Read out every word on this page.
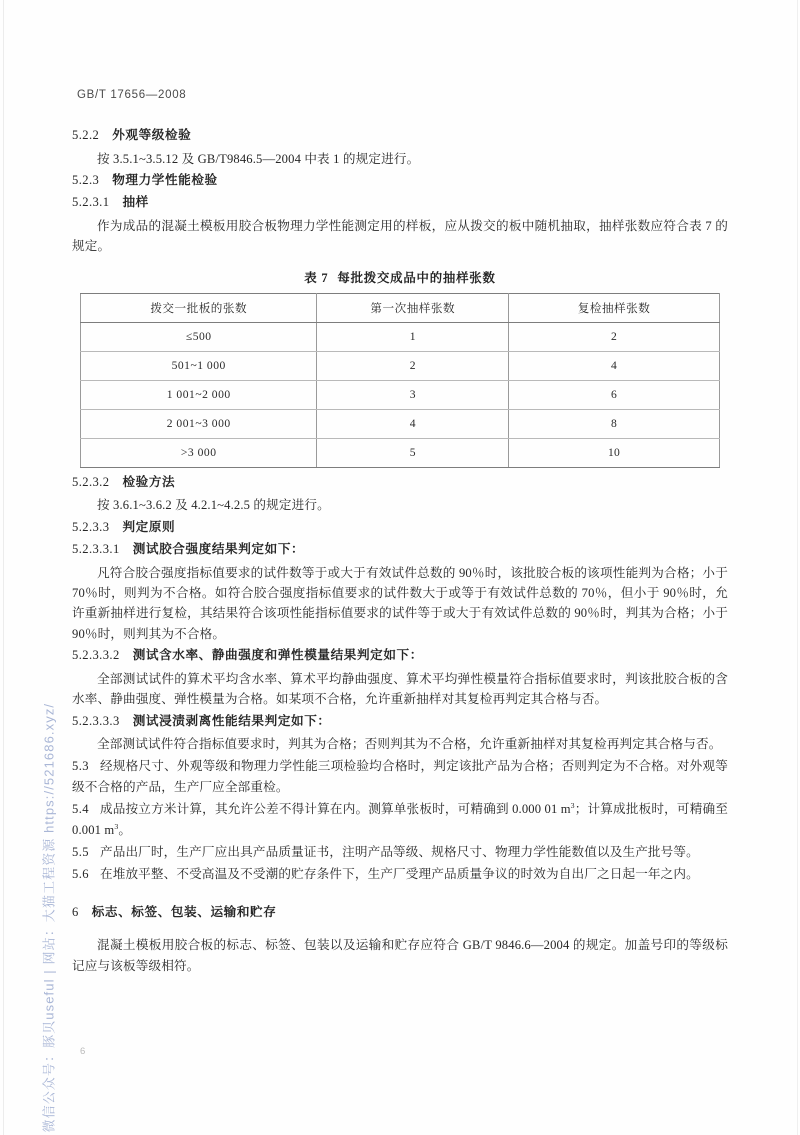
GB/T 17656—2008
5.2.2 外观等级检验

按 3.5.1~3.5.12 及 GB/T9846.5—2004 中表 1 的规定进行。

5.2.3 物理力学性能检验
5.2.3.1 抽样

作为成品的混凝土模板用胶合板物理力学性能测定用的样板，应从拨交的板中随机抽取，抽样张数应符合表 7 的规定。

表 7 每批拨交成品中的抽样张数
拨交一批板的张数	第一次抽样张数	复检抽样张数
≤500	1	2
501~1 000	2	4
1 001~2 000	3	6
2 001~3 000	4	8
>3 000	5	10
5.2.3.2 检验方法

按 3.6.1~3.6.2 及 4.2.1~4.2.5 的规定进行。

5.2.3.3 判定原则
5.2.3.3.1 测试胶合强度结果判定如下：

凡符合胶合强度指标值要求的试件数等于或大于有效试件总数的 90％时，该批胶合板的该项性能判为合格；小于 70％时，则判为不合格。如符合胶合强度指标值要求的试件数大于或等于有效试件总数的 70％，但小于 90％时，允许重新抽样进行复检，其结果符合该项性能指标值要求的试件等于或大于有效试件总数的 90％时，判其为合格；小于 90％时，则判其为不合格。

5.2.3.3.2 测试含水率、静曲强度和弹性模量结果判定如下：

全部测试试件的算术平均含水率、算术平均静曲强度、算术平均弹性模量符合指标值要求时，判该批胶合板的含水率、静曲强度、弹性模量为合格。如某项不合格，允许重新抽样对其复检再判定其合格与否。

5.2.3.3.3 测试浸渍剥离性能结果判定如下：

全部测试试件符合指标值要求时，判其为合格；否则判其为不合格，允许重新抽样对其复检再判定其合格与否。

5.3 经规格尺寸、外观等级和物理力学性能三项检验均合格时，判定该批产品为合格；否则判定为不合格。对外观等级不合格的产品，生产厂应全部重检。

5.4 成品按立方米计算，其允许公差不得计算在内。测算单张板时，可精确到 0.000 01 $m^3$；计算成批板时，可精确至 0.001 $m^3$。

5.5 产品出厂时，生产厂应出具产品质量证书，注明产品等级、规格尺寸、物理力学性能数值以及生产批号等。

5.6 在堆放平整、不受高温及不受潮的贮存条件下，生产厂受理产品质量争议的时效为自出厂之日起一年之内。

6 标志、标签、包装、运输和贮存

混凝土模板用胶合板的标志、标签、包装以及运输和贮存应符合 GB/T 9846.6—2004 的规定。加盖号印的等级标记应与该板等级相符。

6
微信公众号：豚贝useful | 网站：大猫工程资源 https://521686.xyz/
